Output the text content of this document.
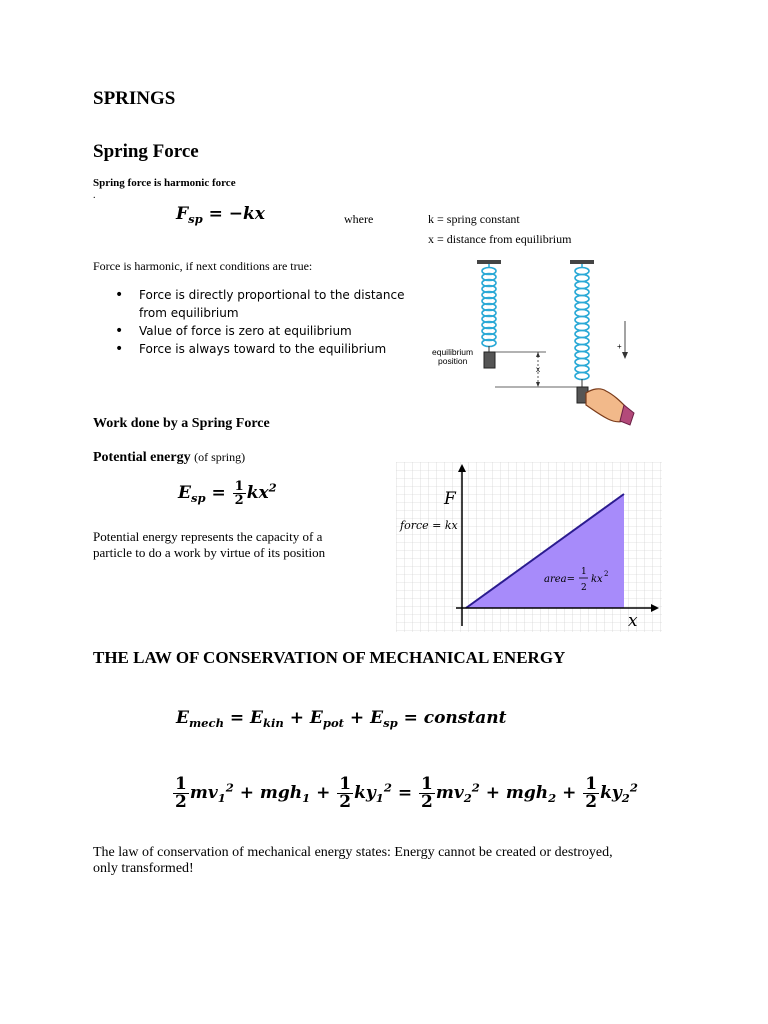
SPRINGS
Spring Force
Spring force is harmonic force
.
$F_{sp} = -kx$	where	k = spring constant
x = distance from equilibrium
Force is harmonic, if next conditions are true:
• Force is directly proportional to the distance from equilibrium
• Value of force is zero at equilibrium
• Force is always toward to the equilibrium	equilibrium
position
x
+
Work done by a Spring Force
Potential energy (of spring)
$E_{sp} = \frac{1}{2} kx^2$
Potential energy represents the capacity of a
particle to do a work by virtue of its position
F
x
force = kx
area=
1
2
kx 2
THE LAW OF CONSERVATION OF MECHANICAL ENERGY
$E_{mech} = E_{kin} + E_{pot} + E_{sp}$ = constant
$\frac{1}{2} mv_1^2 + mgh_1 + \frac{1}{2} ky_1^2 = \frac{1}{2} mv_2^2 + mgh_2 + \frac{1}{2} ky_2^2$
The law of conservation of mechanical energy states: Energy cannot be created or destroyed,
only transformed!
